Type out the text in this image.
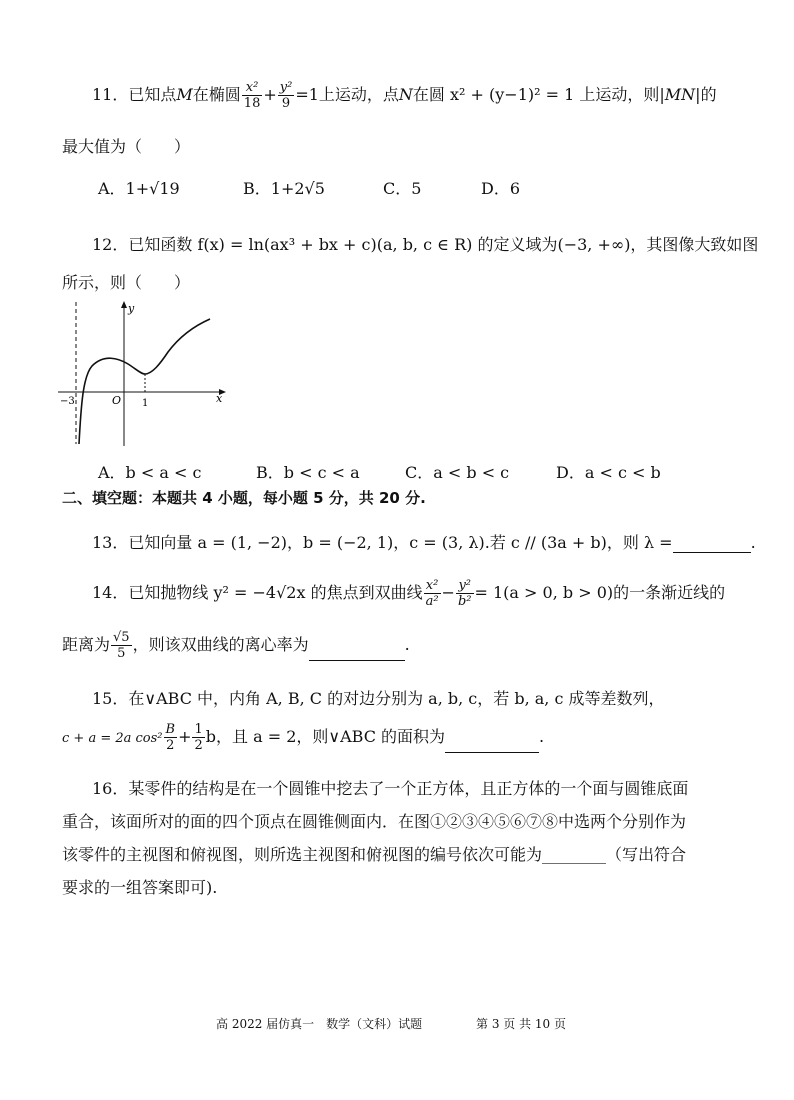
11．已知点M在椭圆 $\frac{\text{x²}}{18} + \frac{\text{y²}}{9} =1$上运动，点N在圆 x² + (y−1)² = 1 上运动，则|MN|的
最大值为（　　）
A．1+√19	B．1+2√5	C．5	D．6
12．已知函数 f(x) = ln(ax³ + bx + c)(a, b, c ∈ R) 的定义域为(−3, +∞)，其图像大致如图
所示，则（　　）
y
x
O
−3	1
A．b < a < c	B．b < c < a	C．a < b < c	D．a < c < b
二、填空题：本题共 4 小题，每小题 5 分，共 20 分.
13．已知向量 a = (1, −2)，b = (−2, 1)，c = (3, λ).若 c // (3a + b)，则 λ =	.
14．已知抛物线 y² = −4√2x 的焦点到双曲线 $\frac{\text{x²}}{\text{a²}} - \frac{\text{y²}}{\text{b²}} = 1(a > 0$, b > 0)的一条渐近线的
距离为 $\frac{√5}{5}$ ，则该双曲线的离心率为	.
15．在∨ABC 中，内角 A, B, C 的对边分别为 a, b, c，若 b, a, c 成等差数列，
c + a = 2a $\cos^2 \frac{B}{2} + \frac{1}{2}$ b，且 a = 2，则∨ABC 的面积为	.
16．某零件的结构是在一个圆锥中挖去了一个正方体，且正方体的一个面与圆锥底面
重合，该面所对的面的四个顶点在圆锥侧面内．在图①②③④⑤⑥⑦⑧中选两个分别作为
该零件的主视图和俯视图，则所选主视图和俯视图的编号依次可能为________（写出符合
要求的一组答案即可).
高 2022 届仿真一　数学（文科）试题	第 3 页 共 10 页
